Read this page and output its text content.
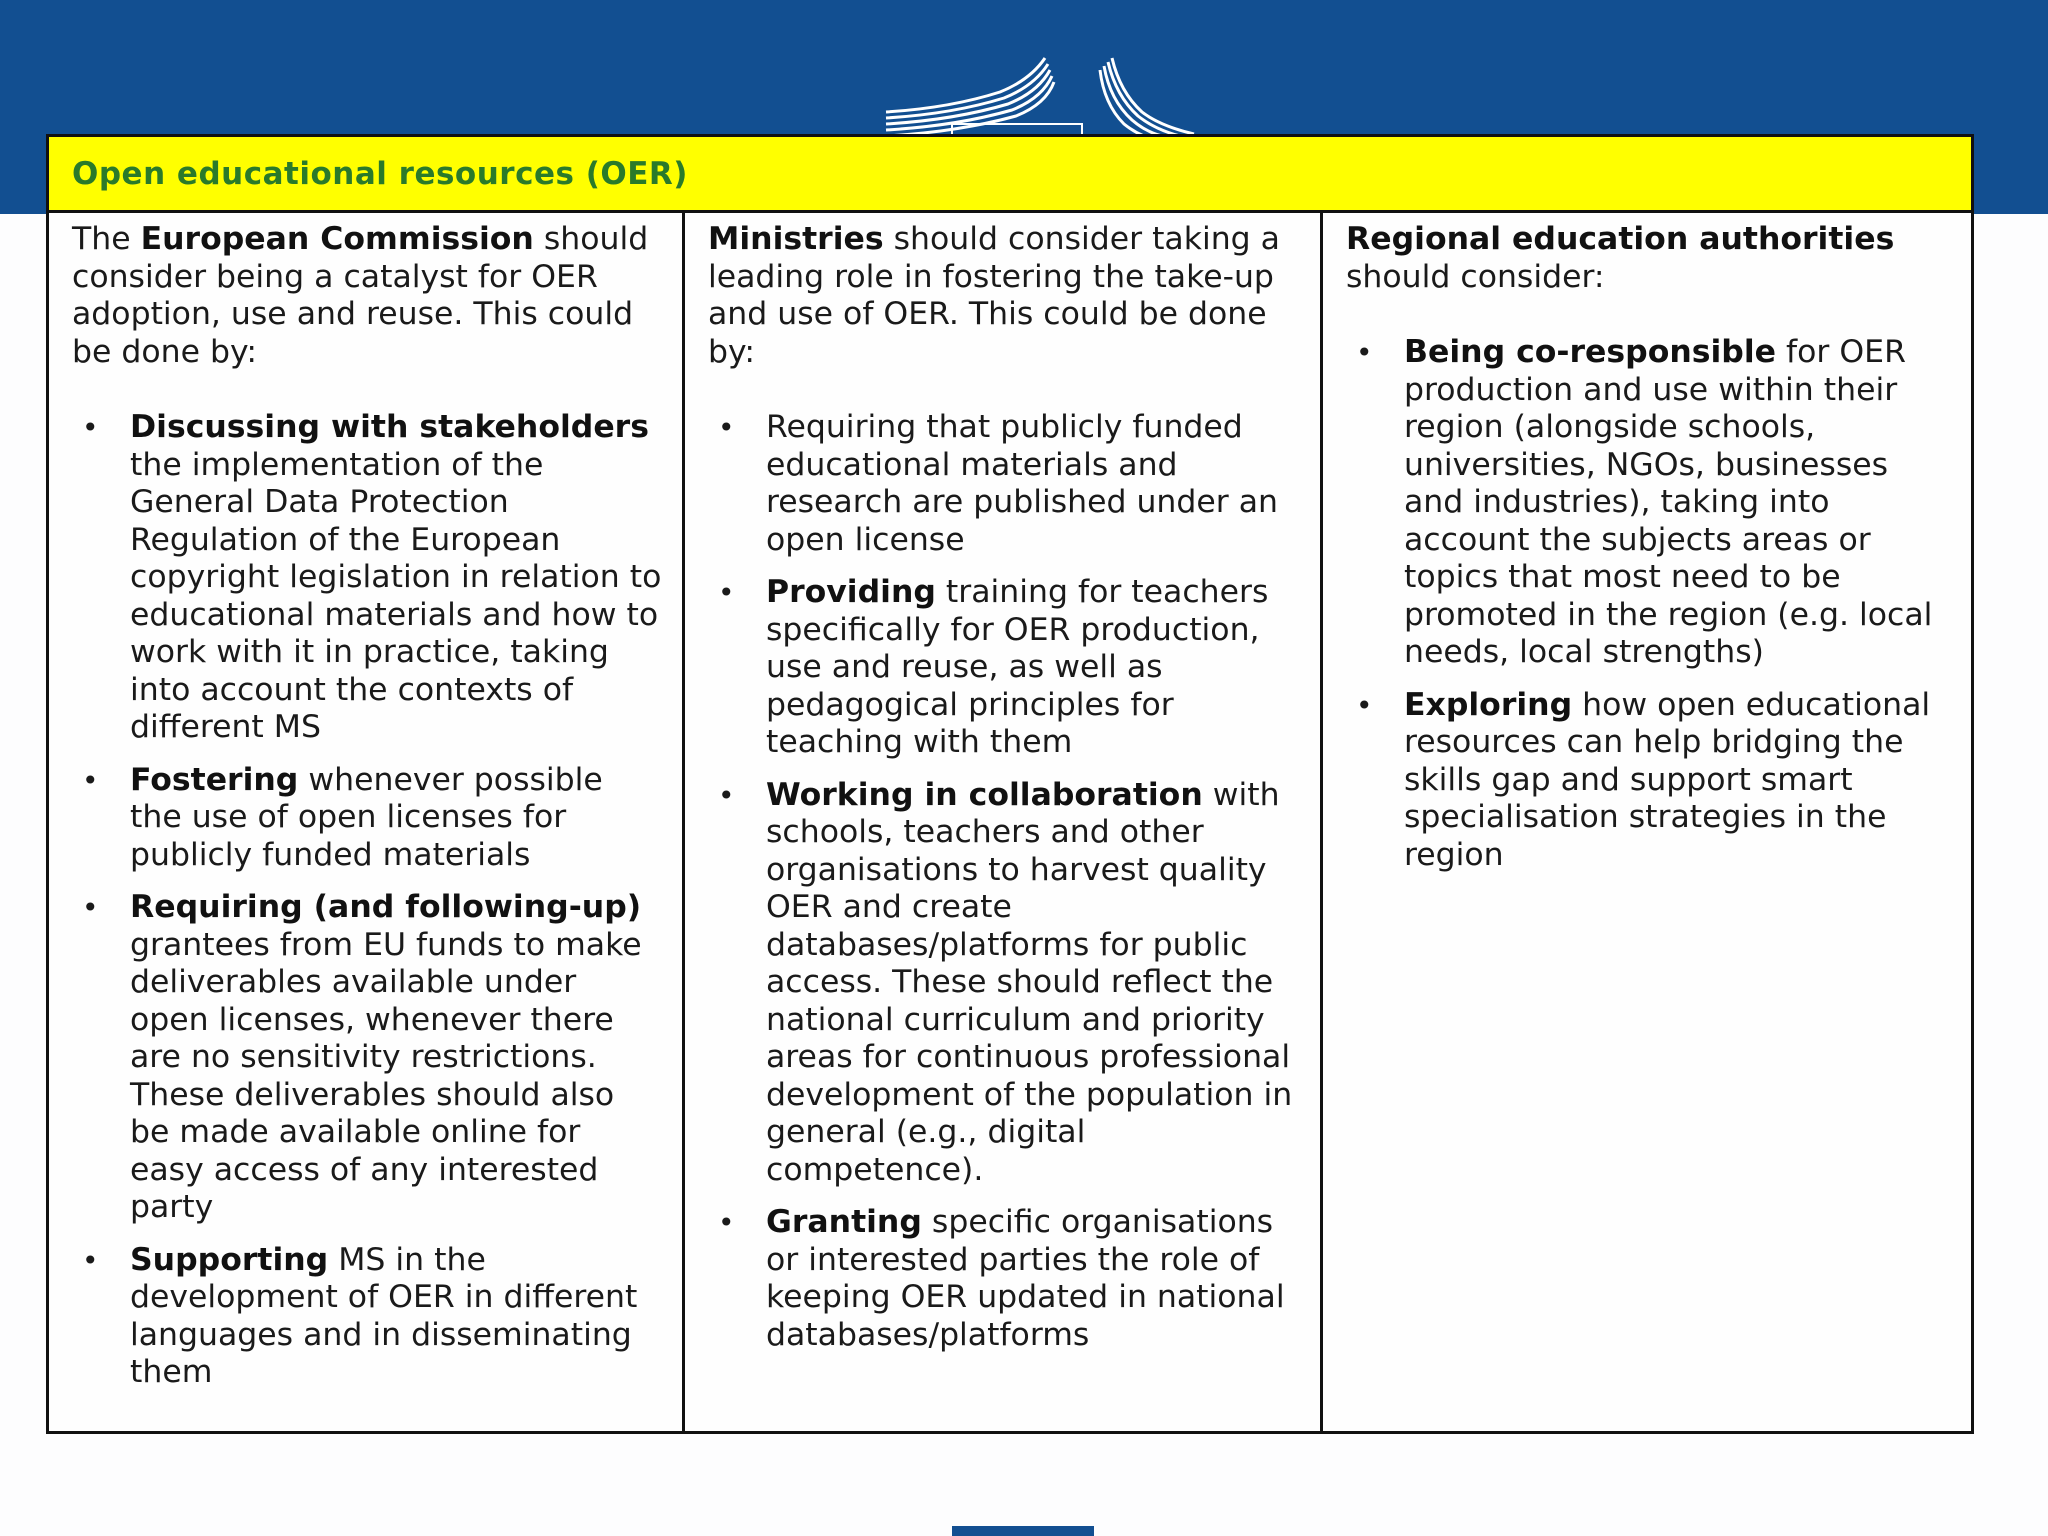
Open educational resources (OER)

The European Commission should consider being a catalyst for OER adoption, use and reuse. This could be done by:

• Discussing with stakeholders the implementation of the General Data Protection Regulation of the European copyright legislation in relation to educational materials and how to work with it in practice, taking into account the contexts of different MS
• Fostering whenever possible the use of open licenses for publicly funded materials
• Requiring (and following-up) grantees from EU funds to make deliverables available under open licenses, whenever there are no sensitivity restrictions. These deliverables should also be made available online for easy access of any interested party
• Supporting MS in the development of OER in different languages and in disseminating them

Ministries should consider taking a leading role in fostering the take-up and use of OER. This could be done by:

• Requiring that publicly funded educational materials and research are published under an open license
• Providing training for teachers specifically for OER production, use and reuse, as well as pedagogical principles for teaching with them
• Working in collaboration with schools, teachers and other organisations to harvest quality OER and create databases/platforms for public access. These should reflect the national curriculum and priority areas for continuous professional development of the population in general (e.g., digital competence).
• Granting specific organisations or interested parties the role of keeping OER updated in national databases/platforms

Regional education authorities should consider:

• Being co-responsible for OER production and use within their region (alongside schools, universities, NGOs, businesses and industries), taking into account the subjects areas or topics that most need to be promoted in the region (e.g. local needs, local strengths)
• Exploring how open educational resources can help bridging the skills gap and support smart specialisation strategies in the region
